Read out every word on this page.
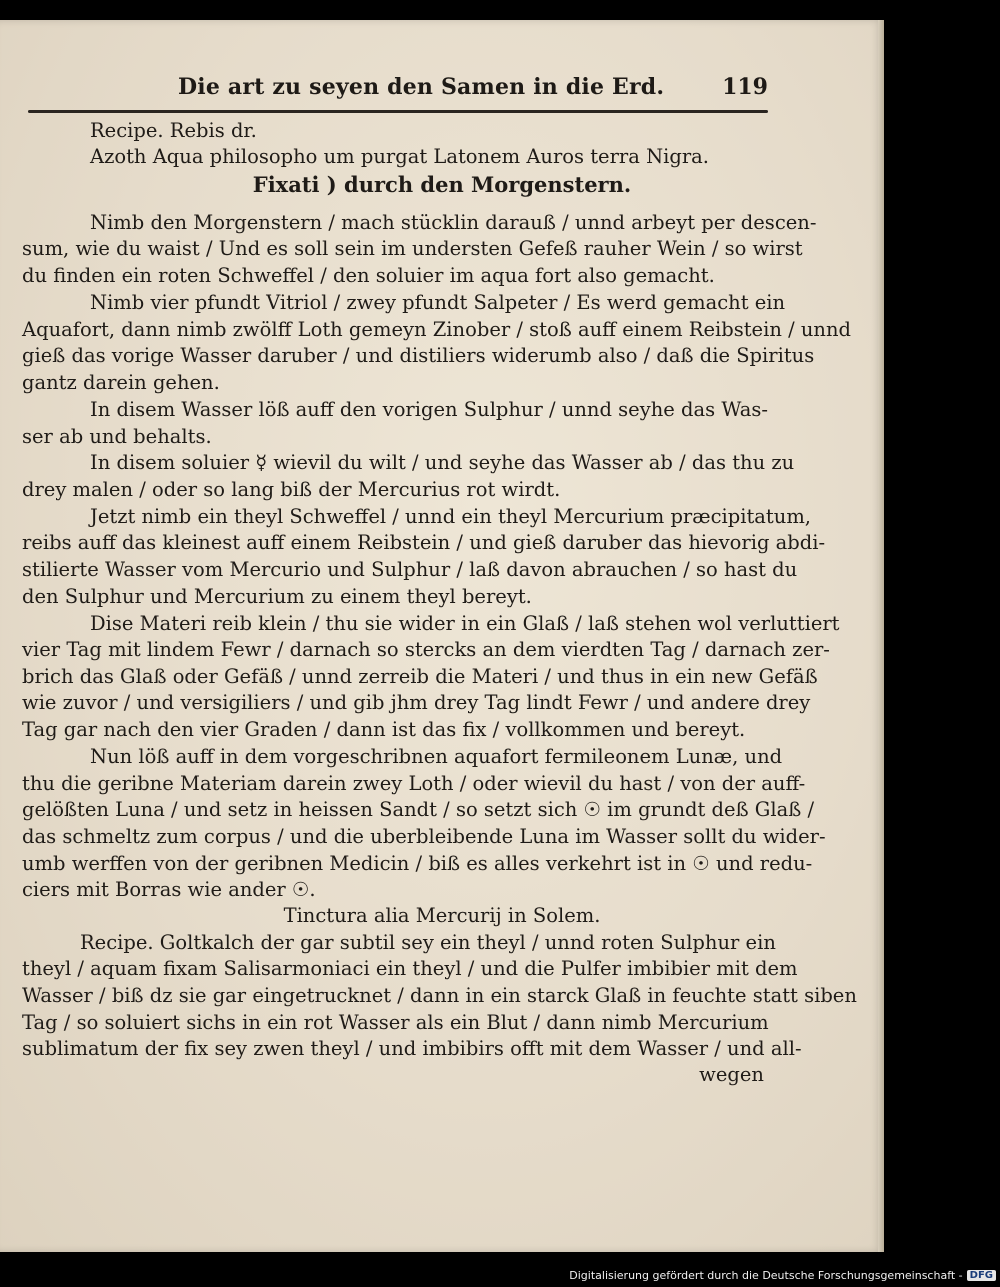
Die art zu seyen den Samen in die Erd.	119
Recipe. Rebis dr.
Azoth Aqua philosopho um purgat Latonem Auros terra Nigra.
Fixati ) durch den Morgenstern.
Nimb den Morgenstern / mach stücklin darauß / unnd arbeyt per descen-
sum, wie du waist / Und es soll sein im understen Gefeß rauher Wein / so wirst
du finden ein roten Schweffel / den soluier im aqua fort also gemacht.
Nimb vier pfundt Vitriol / zwey pfundt Salpeter / Es werd gemacht ein
Aquafort, dann nimb zwölff Loth gemeyn Zinober / stoß auff einem Reibstein / unnd
gieß das vorige Wasser daruber / und distiliers widerumb also / daß die Spiritus
gantz darein gehen.
In disem Wasser löß auff den vorigen Sulphur / unnd seyhe das Was-
ser ab und behalts.
In disem soluier ☿ wievil du wilt / und seyhe das Wasser ab / das thu zu
drey malen / oder so lang biß der Mercurius rot wirdt.
Jetzt nimb ein theyl Schweffel / unnd ein theyl Mercurium præcipitatum,
reibs auff das kleinest auff einem Reibstein / und gieß daruber das hievorig abdi-
stilierte Wasser vom Mercurio und Sulphur / laß davon abrauchen / so hast du
den Sulphur und Mercurium zu einem theyl bereyt.
Dise Materi reib klein / thu sie wider in ein Glaß / laß stehen wol verluttiert
vier Tag mit lindem Fewr / darnach so stercks an dem vierdten Tag / darnach zer-
brich das Glaß oder Gefäß / unnd zerreib die Materi / und thus in ein new Gefäß
wie zuvor / und versigiliers / und gib jhm drey Tag lindt Fewr / und andere drey
Tag gar nach den vier Graden / dann ist das fix / vollkommen und bereyt.
Nun löß auff in dem vorgeschribnen aquafort fermileonem Lunæ, und
thu die geribne Materiam darein zwey Loth / oder wievil du hast / von der auff-
gelößten Luna / und setz in heissen Sandt / so setzt sich ☉ im grundt deß Glaß /
das schmeltz zum corpus / und die uberbleibende Luna im Wasser sollt du wider-
umb werffen von der geribnen Medicin / biß es alles verkehrt ist in ☉ und redu-
ciers mit Borras wie ander ☉.
Tinctura alia Mercurij in Solem.
Recipe. Goltkalch der gar subtil sey ein theyl / unnd roten Sulphur ein
theyl / aquam fixam Salisarmoniaci ein theyl / und die Pulfer imbibier mit dem
Wasser / biß dz sie gar eingetrucknet / dann in ein starck Glaß in feuchte statt siben
Tag / so soluiert sichs in ein rot Wasser als ein Blut / dann nimb Mercurium
sublimatum der fix sey zwen theyl / und imbibirs offt mit dem Wasser / und all-
wegen
Digitalisierung gefördert durch die Deutsche Forschungsgemeinschaft - DFG
